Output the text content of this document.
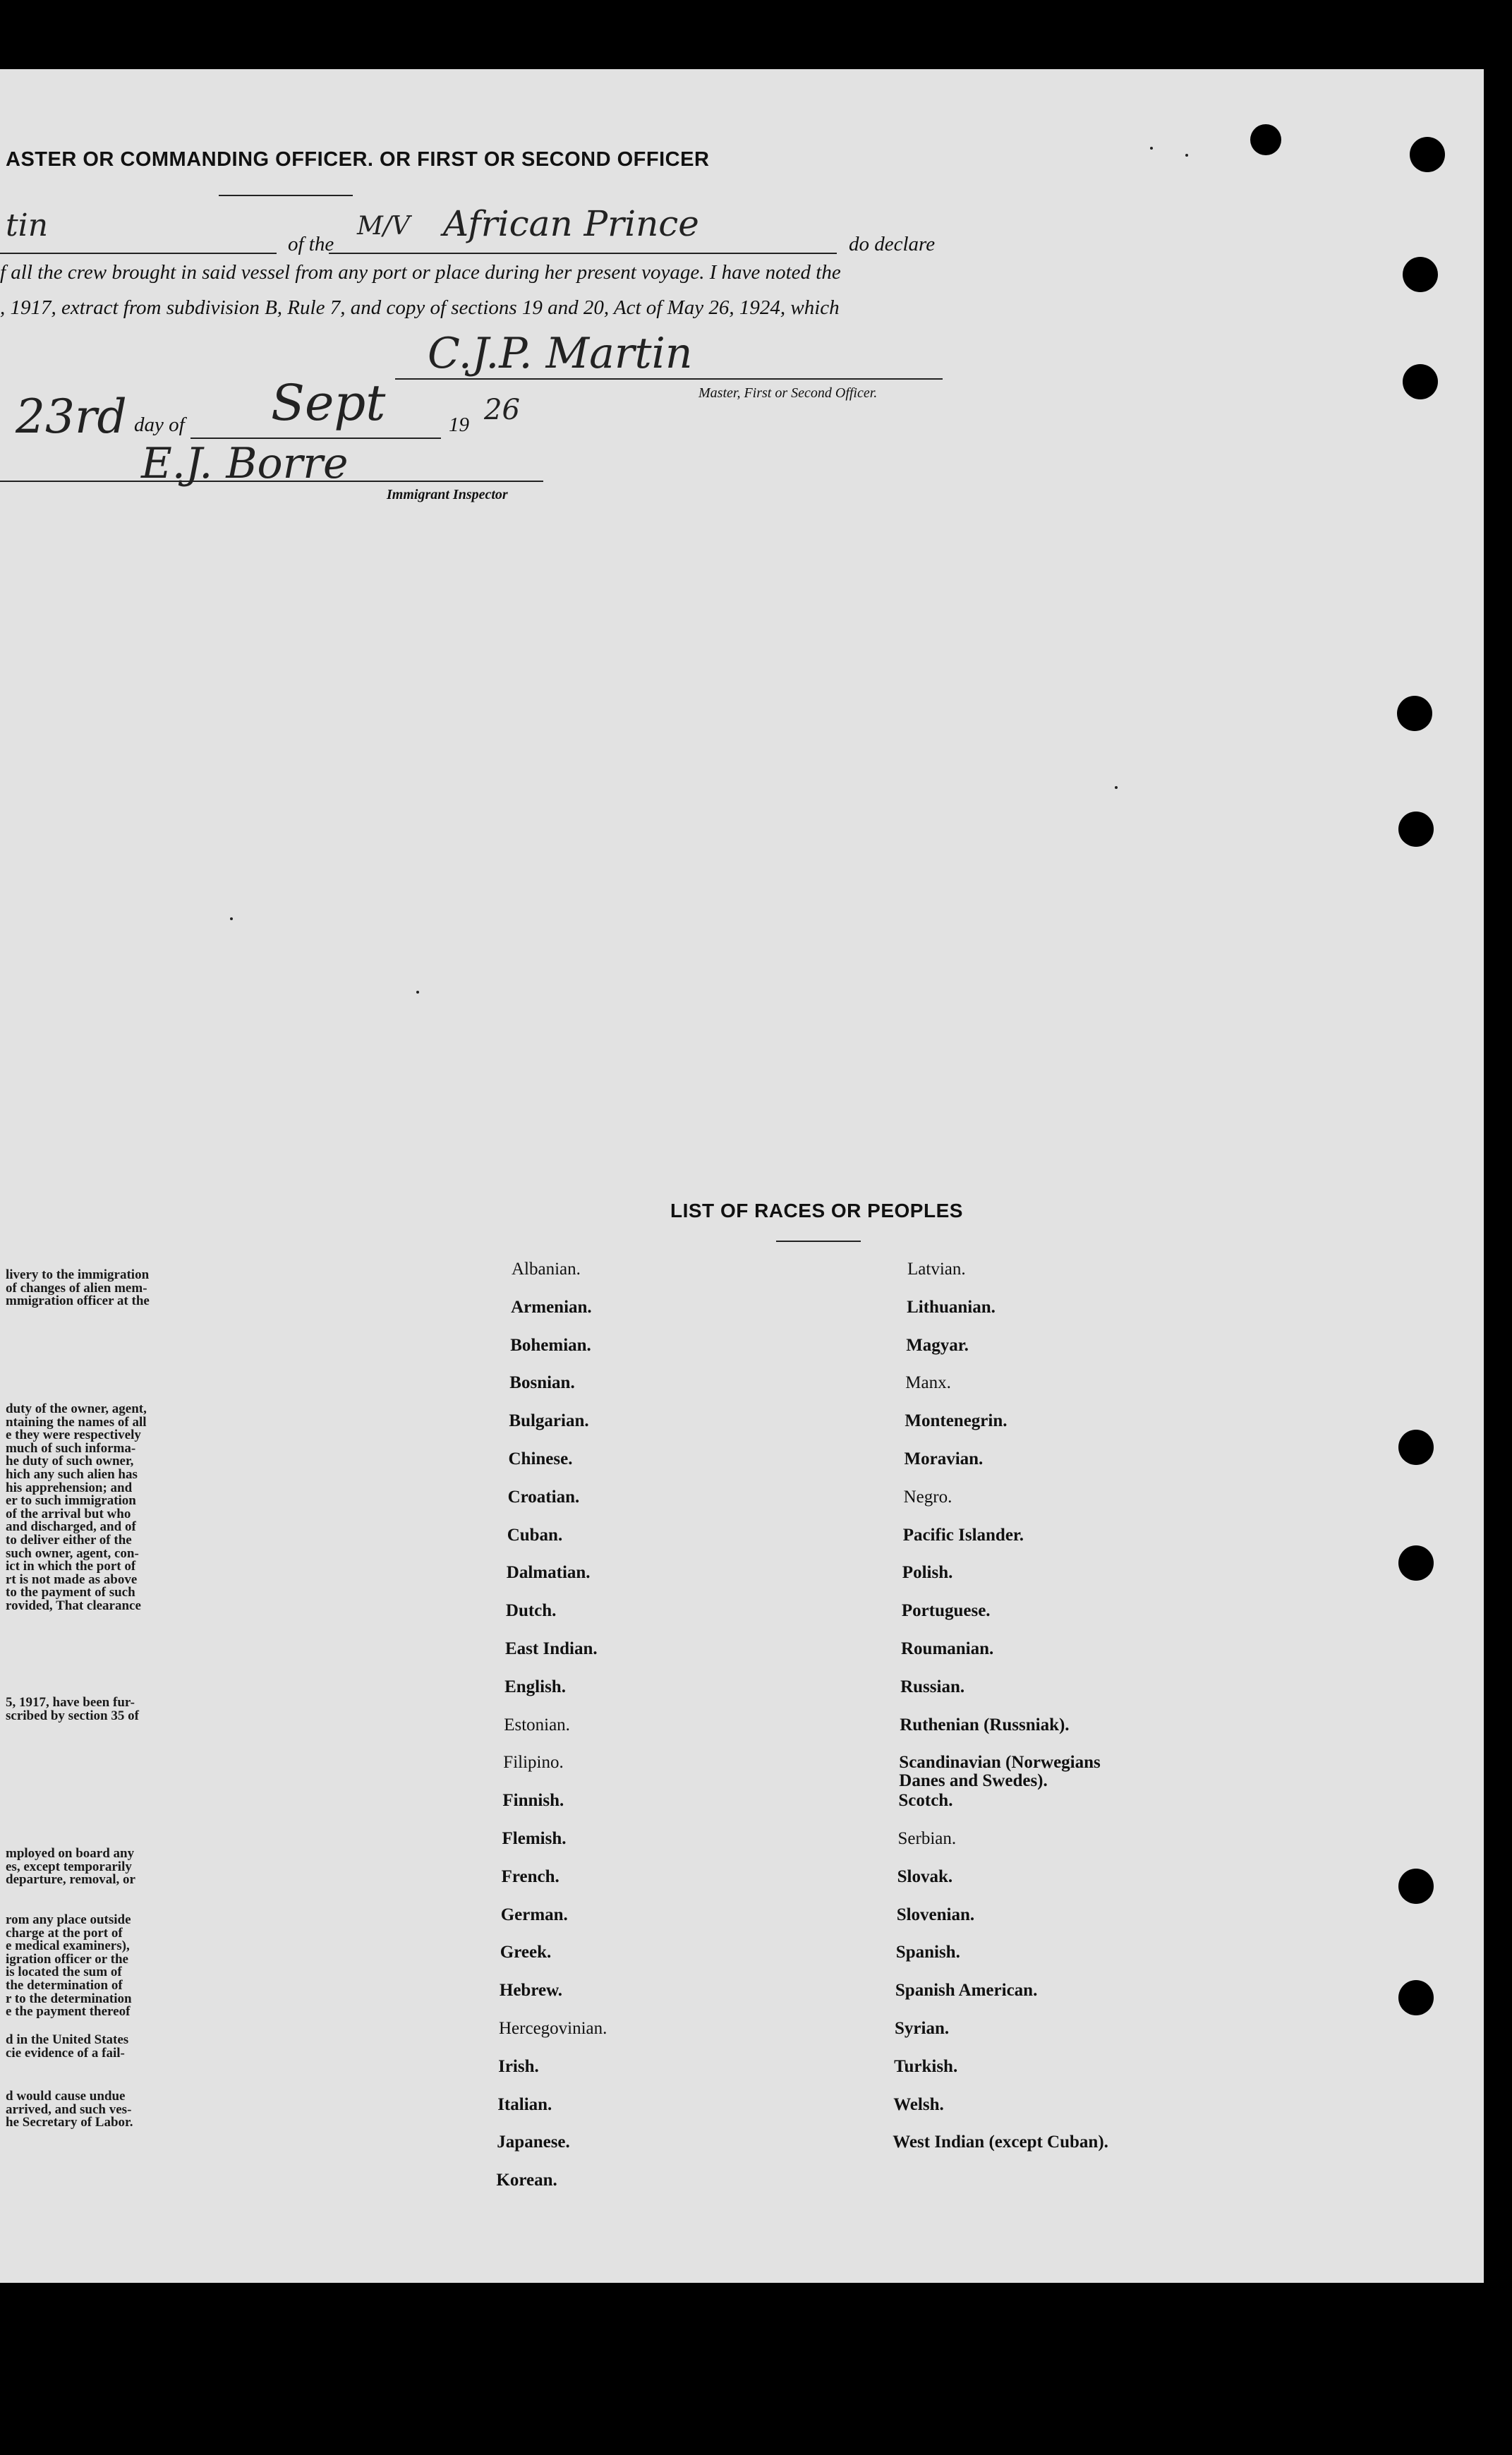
ASTER OR COMMANDING OFFICER. OR FIRST OR SECOND OFFICER
tin
of the
M/V African Prince	do declare
f all the crew brought in said vessel from any port or place during her present voyage. I have noted the
, 1917, extract from subdivision B, Rule 7, and copy of sections 19 and 20, Act of May 26, 1924, which
C.J.P. Martin
Master, First or Second Officer.
23rd day of Sept	19 26
E.J. Borre
Immigrant Inspector
LIST OF RACES OR PEOPLES
Albanian.
Armenian.
Bohemian.
Bosnian.
Bulgarian.
Chinese.
Croatian.
Cuban.
Dalmatian.
Dutch.
East Indian.
English.
Estonian.
Filipino.
Finnish.
Flemish.
French.
German.
Greek.
Hebrew.
Hercegovinian.
Irish.
Italian.
Japanese.
Korean.
Latvian.
Lithuanian.
Magyar.
Manx.
Montenegrin.
Moravian.
Negro.
Pacific Islander.
Polish.
Portuguese.
Roumanian.
Russian.
Ruthenian (Russniak).
Scandinavian (Norwegians
Danes and Swedes).
Scotch.
Serbian.
Slovak.
Slovenian.
Spanish.
Spanish American.
Syrian.
Turkish.
Welsh.
West Indian (except Cuban).
livery to the immigration
of changes of alien mem-
mmigration officer at the
duty of the owner, agent,
ntaining the names of all
e they were respectively
much of such informa-
he duty of such owner,
hich any such alien has
his apprehension; and
er to such immigration
of the arrival but who
and discharged, and of
to deliver either of the
such owner, agent, con-
ict in which the port of
rt is not made as above
to the payment of such
rovided, That clearance
5, 1917, have been fur-
scribed by section 35 of
mployed on board any
es, except temporarily
departure, removal, or
rom any place outside
charge at the port of
e medical examiners),
igration officer or the
is located the sum of
the determination of
r to the determination
e the payment thereof
d in the United States
cie evidence of a fail-
d would cause undue
arrived, and such ves-
he Secretary of Labor.
